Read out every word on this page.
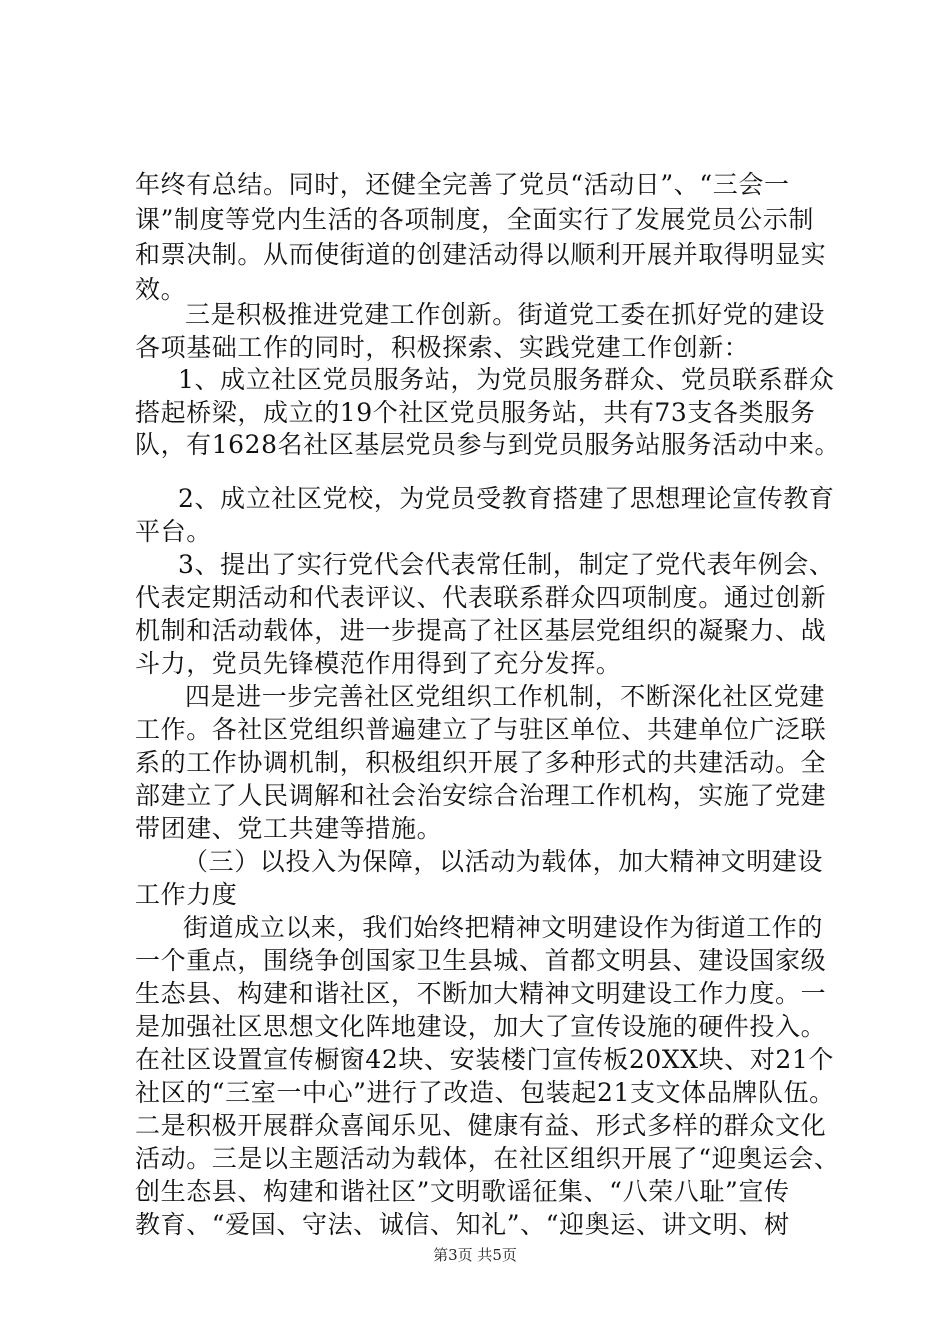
年终有总结。同时，还健全完善了党员“活动日”、“三会一
课”制度等党内生活的各项制度，全面实行了发展党员公示制
和票决制。从而使街道的创建活动得以顺利开展并取得明显实
效。
三是积极推进党建工作创新。街道党工委在抓好党的建设
各项基础工作的同时，积极探索、实践党建工作创新：
1、成立社区党员服务站，为党员服务群众、党员联系群众
搭起桥梁，成立的19个社区党员服务站，共有73支各类服务
队，有1628名社区基层党员参与到党员服务站服务活动中来。
2、成立社区党校，为党员受教育搭建了思想理论宣传教育
平台。
3、提出了实行党代会代表常任制，制定了党代表年例会、
代表定期活动和代表评议、代表联系群众四项制度。通过创新
机制和活动载体，进一步提高了社区基层党组织的凝聚力、战
斗力，党员先锋模范作用得到了充分发挥。
四是进一步完善社区党组织工作机制，不断深化社区党建
工作。各社区党组织普遍建立了与驻区单位、共建单位广泛联
系的工作协调机制，积极组织开展了多种形式的共建活动。全
部建立了人民调解和社会治安综合治理工作机构，实施了党建
带团建、党工共建等措施。
（三）以投入为保障，以活动为载体，加大精神文明建设
工作力度
街道成立以来，我们始终把精神文明建设作为街道工作的
一个重点，围绕争创国家卫生县城、首都文明县、建设国家级
生态县、构建和谐社区，不断加大精神文明建设工作力度。一
是加强社区思想文化阵地建设，加大了宣传设施的硬件投入。
在社区设置宣传橱窗42块、安装楼门宣传板20XX块、对21个
社区的“三室一中心”进行了改造、包装起21支文体品牌队伍。
二是积极开展群众喜闻乐见、健康有益、形式多样的群众文化
活动。三是以主题活动为载体，在社区组织开展了“迎奥运会、
创生态县、构建和谐社区”文明歌谣征集、“八荣八耻”宣传
教育、“爱国、守法、诚信、知礼”、“迎奥运、讲文明、树
第3页 共5页
